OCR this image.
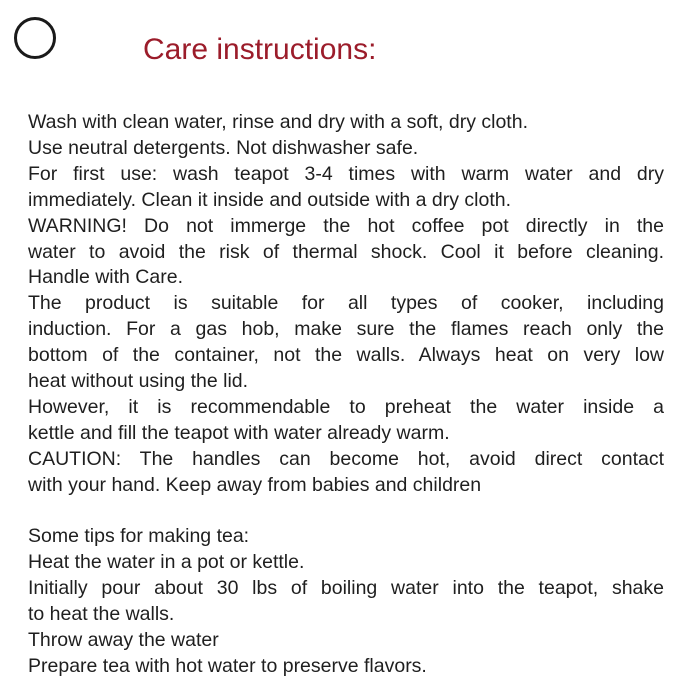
Care instructions:
Wash with clean water, rinse and dry with a soft, dry cloth.
Use neutral detergents. Not dishwasher safe.
For first use: wash teapot 3-4 times with warm water and dry
immediately. Clean it inside and outside with a dry cloth.
WARNING! Do not immerge the hot coffee pot directly in the
water to avoid the risk of thermal shock. Cool it before cleaning.
Handle with Care.
The product is suitable for all types of cooker, including
induction. For a gas hob, make sure the flames reach only the
bottom of the container, not the walls. Always heat on very low
heat without using the lid.
However, it is recommendable to preheat the water inside a
kettle and fill the teapot with water already warm.
CAUTION: The handles can become hot, avoid direct contact
with your hand. Keep away from babies and children
Some tips for making tea:
Heat the water in a pot or kettle.
Initially pour about 30 lbs of boiling water into the teapot, shake
to heat the walls.
Throw away the water
Prepare tea with hot water to preserve flavors.
